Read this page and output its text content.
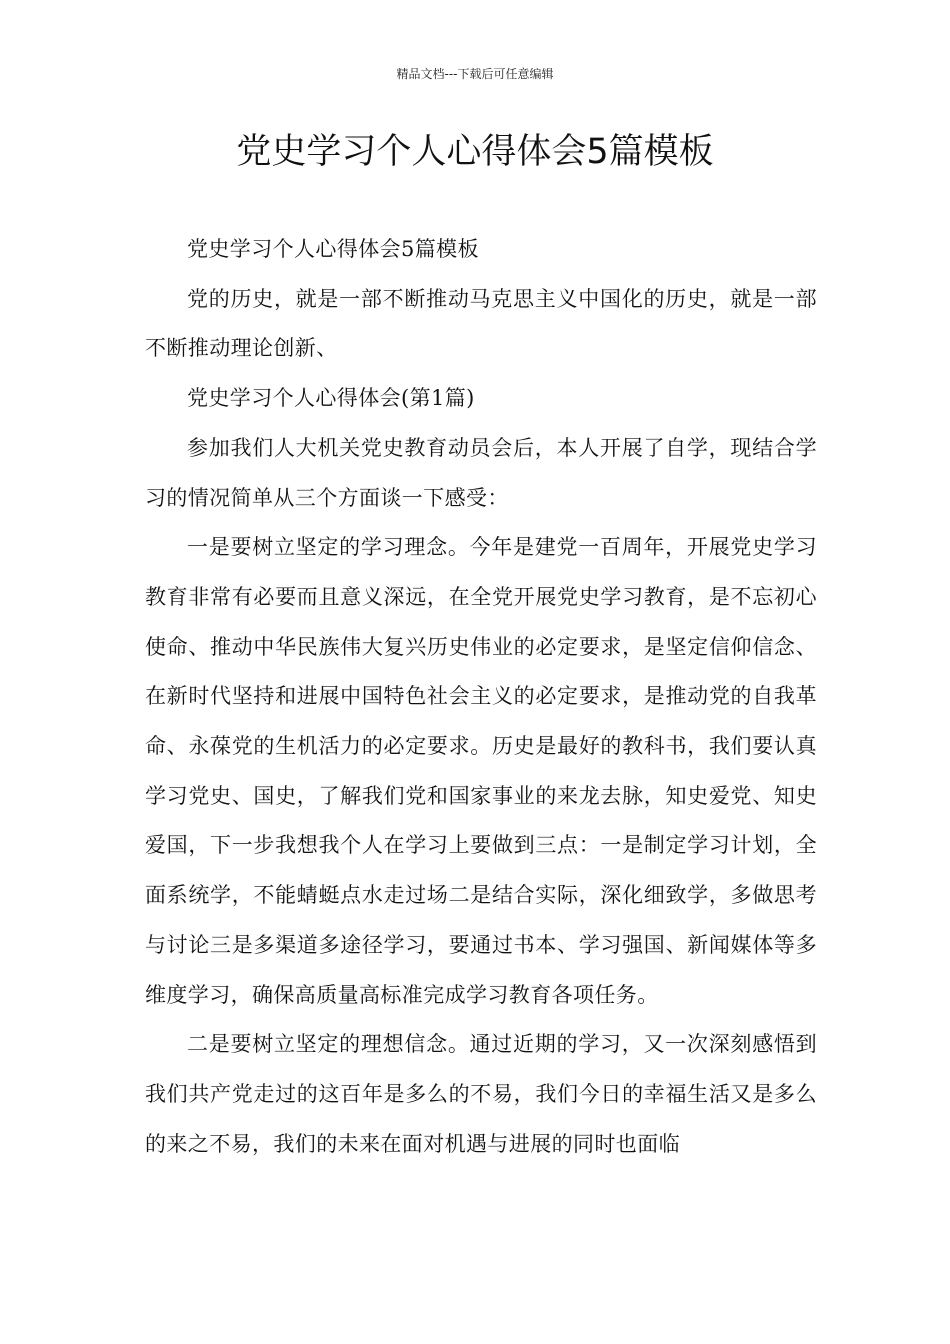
精品文档---下载后可任意编辑
党史学习个人心得体会5篇模板

党史学习个人心得体会5篇模板

党的历史，就是一部不断推动马克思主义中国化的历史，就是一部不断推动理论创新、

党史学习个人心得体会(第1篇)

参加我们人大机关党史教育动员会后，本人开展了自学，现结合学习的情况简单从三个方面谈一下感受：

一是要树立坚定的学习理念。今年是建党一百周年，开展党史学习教育非常有必要而且意义深远，在全党开展党史学习教育，是不忘初心使命、推动中华民族伟大复兴历史伟业的必定要求，是坚定信仰信念、在新时代坚持和进展中国特色社会主义的必定要求，是推动党的自我革命、永葆党的生机活力的必定要求。历史是最好的教科书，我们要认真学习党史、国史，了解我们党和国家事业的来龙去脉，知史爱党、知史爱国，下一步我想我个人在学习上要做到三点：一是制定学习计划，全面系统学，不能蜻蜓点水走过场二是结合实际，深化细致学，多做思考与讨论三是多渠道多途径学习，要通过书本、学习强国、新闻媒体等多维度学习，确保高质量高标准完成学习教育各项任务。

二是要树立坚定的理想信念。通过近期的学习，又一次深刻感悟到我们共产党走过的这百年是多么的不易，我们今日的幸福生活又是多么的来之不易，我们的未来在面对机遇与进展的同时也面临
